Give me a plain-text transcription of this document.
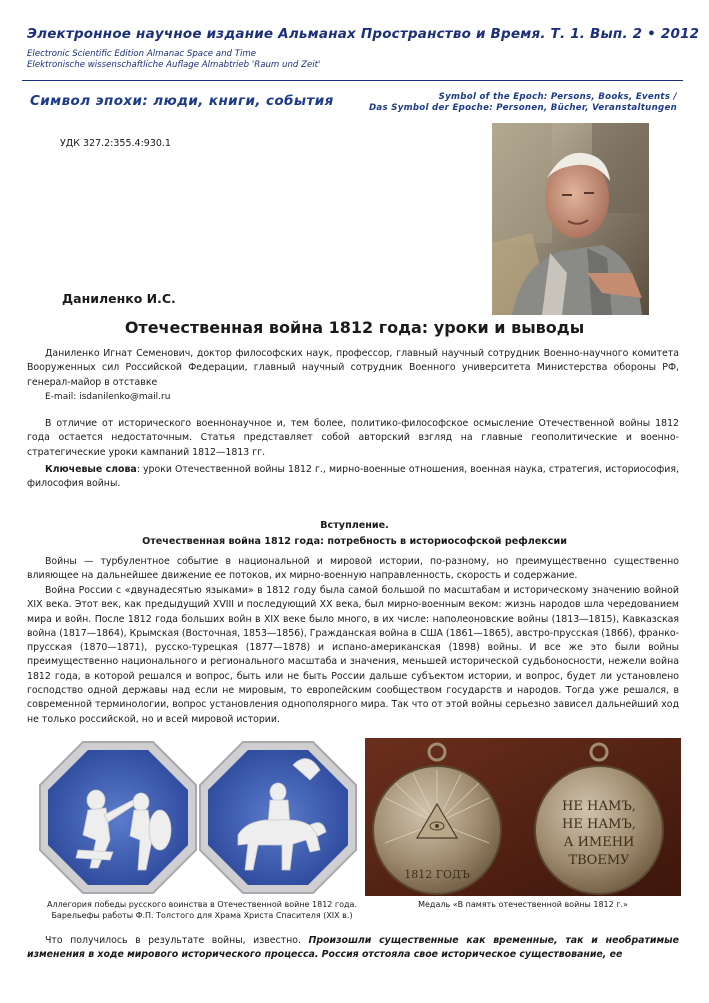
Электронное научное издание Альманах Пространство и Время. Т. 1. Вып. 2 • 2012
Electronic Scientific Edition Almanac Space and Time
Elektronische wissenschaftliche Auflage Almabtrieb 'Raum und Zeit'
Символ эпохи: люди, книги, события	Symbol of the Epoch: Persons, Books, Events /
Das Symbol der Epoche: Personen, Bücher, Veranstaltungen
УДК 327.2:355.4:930.1
Даниленко И.С.
Отечественная война 1812 года: уроки и выводы
Даниленко Игнат Семенович, доктор философских наук, профессор, главный научный сотрудник Военно-научного комитета Вооруженных сил Российской Федерации, главный научный сотрудник Военного университета Министерства обороны РФ, генерал-майор в отставке
E-mail: isdanilenko@mail.ru
В отличие от исторического военнонаучное и, тем более, политико-философское осмысление Отечественной войны 1812 года остается недостаточным. Статья представляет собой авторский взгляд на главные геополитические и военно-стратегические уроки кампаний 1812—1813 гг.
Ключевые слова: уроки Отечественной войны 1812 г., мирно-военные отношения, военная наука, стратегия, историософия, философия войны.
Вступление.
Отечественная война 1812 года: потребность в историософской рефлексии
Войны — турбулентное событие в национальной и мировой истории, по-разному, но преимущественно существенно влияющее на дальнейшее движение ее потоков, их мирно-военную направленность, скорость и содержание.
Война России с «двунадесятью языками» в 1812 году была самой большой по масштабам и историческому значению войной XIX века. Этот век, как предыдущий XVIII и последующий XX века, был мирно-военным веком: жизнь народов шла чередованием мира и войн. После 1812 года больших войн в XIX веке было много, в их числе: наполеоновские войны (1813—1815), Кавказская война (1817—1864), Крымская (Восточная, 1853—1856), Гражданская война в США (1861—1865), австро-прусская (1866), франко-прусская (1870—1871), русско-турецкая (1877—1878) и испано-американская (1898) войны. И все же это были войны преимущественно национального и регионального масштаба и значения, меньшей исторической судьбоносности, нежели война 1812 года, в которой решался и вопрос, быть или не быть России дальше субъектом истории, и вопрос, будет ли установлено господство одной державы над если не мировым, то европейским сообществом государств и народов. Тогда уже решался, в современной терминологии, вопрос установления однополярного мира. Так что от этой войны серьезно зависел дальнейший ход не только российской, но и всей мировой истории.
1812 ГОДЪ
НЕ НАМЪ,
НЕ НАМЪ,
А ИМЕНИ
ТВОЕМУ
Аллегория победы русского воинства в Отечественной войне 1812 года.
Барельефы работы Ф.П. Толстого для Храма Христа Спасителя (XIX в.)
Медаль «В память отечественной войны 1812 г.»
Что получилось в результате войны, известно. Произошли существенные как временные, так и необратимые изменения в ходе мирового исторического процесса. Россия отстояла свое историческое существование, ее
